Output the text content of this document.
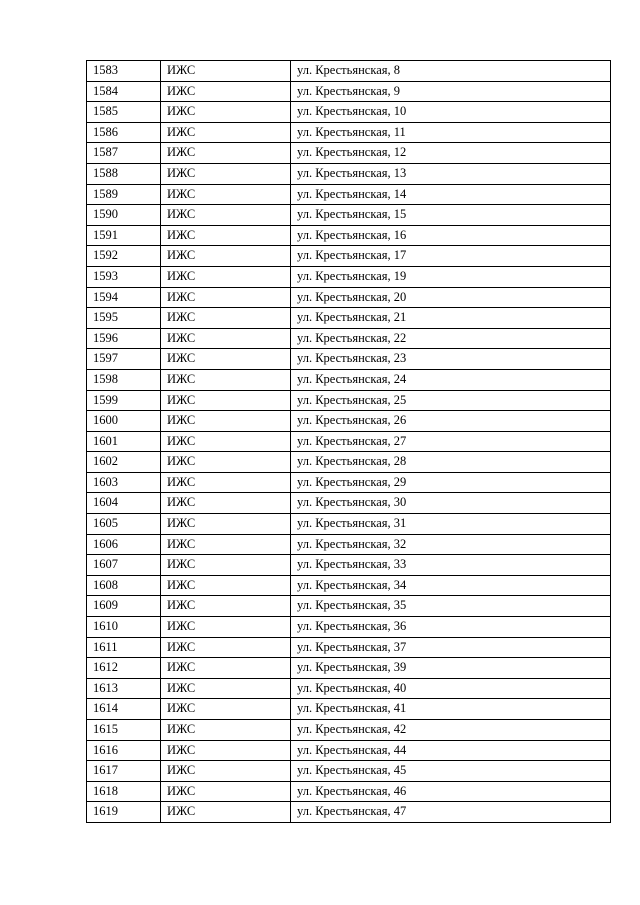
1583	ИЖС	ул. Крестьянская, 8
1584	ИЖС	ул. Крестьянская, 9
1585	ИЖС	ул. Крестьянская, 10
1586	ИЖС	ул. Крестьянская, 11
1587	ИЖС	ул. Крестьянская, 12
1588	ИЖС	ул. Крестьянская, 13
1589	ИЖС	ул. Крестьянская, 14
1590	ИЖС	ул. Крестьянская, 15
1591	ИЖС	ул. Крестьянская, 16
1592	ИЖС	ул. Крестьянская, 17
1593	ИЖС	ул. Крестьянская, 19
1594	ИЖС	ул. Крестьянская, 20
1595	ИЖС	ул. Крестьянская, 21
1596	ИЖС	ул. Крестьянская, 22
1597	ИЖС	ул. Крестьянская, 23
1598	ИЖС	ул. Крестьянская, 24
1599	ИЖС	ул. Крестьянская, 25
1600	ИЖС	ул. Крестьянская, 26
1601	ИЖС	ул. Крестьянская, 27
1602	ИЖС	ул. Крестьянская, 28
1603	ИЖС	ул. Крестьянская, 29
1604	ИЖС	ул. Крестьянская, 30
1605	ИЖС	ул. Крестьянская, 31
1606	ИЖС	ул. Крестьянская, 32
1607	ИЖС	ул. Крестьянская, 33
1608	ИЖС	ул. Крестьянская, 34
1609	ИЖС	ул. Крестьянская, 35
1610	ИЖС	ул. Крестьянская, 36
1611	ИЖС	ул. Крестьянская, 37
1612	ИЖС	ул. Крестьянская, 39
1613	ИЖС	ул. Крестьянская, 40
1614	ИЖС	ул. Крестьянская, 41
1615	ИЖС	ул. Крестьянская, 42
1616	ИЖС	ул. Крестьянская, 44
1617	ИЖС	ул. Крестьянская, 45
1618	ИЖС	ул. Крестьянская, 46
1619	ИЖС	ул. Крестьянская, 47
